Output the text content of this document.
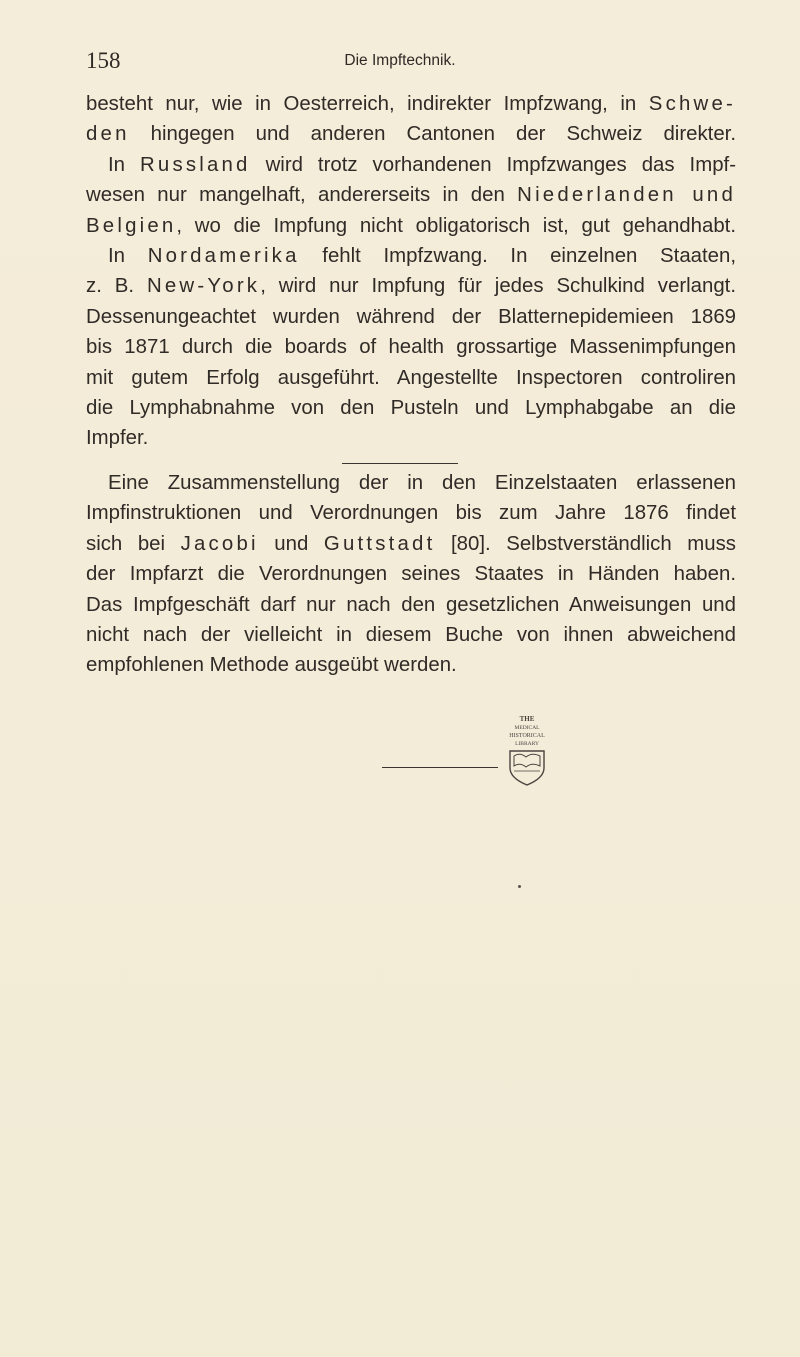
158	Die Impftechnik.
besteht nur, wie in Oesterreich, indirekter Impfzwang, in Schwe-
den hingegen und anderen Cantonen der Schweiz direkter.
In Russland wird trotz vorhandenen Impfzwanges das Impf-
wesen nur mangelhaft, andererseits in den Niederlanden und
Belgien, wo die Impfung nicht obligatorisch ist, gut gehandhabt.
In Nordamerika fehlt Impfzwang. In einzelnen Staaten,
z. B. New-York, wird nur Impfung für jedes Schulkind verlangt.
Dessenungeachtet wurden während der Blatternepidemieen 1869
bis 1871 durch die boards of health grossartige Massenimpfungen
mit gutem Erfolg ausgeführt. Angestellte Inspectoren controliren
die Lymphabnahme von den Pusteln und Lymphabgabe an die
Impfer.
Eine Zusammenstellung der in den Einzelstaaten erlassenen
Impfinstruktionen und Verordnungen bis zum Jahre 1876 findet
sich bei Jacobi und Guttstadt [80]. Selbstverständlich muss
der Impfarzt die Verordnungen seines Staates in Händen haben.
Das Impfgeschäft darf nur nach den gesetzlichen Anweisungen und
nicht nach der vielleicht in diesem Buche von ihnen abweichend
empfohlenen Methode ausgeübt werden.
THE
MEDICAL
HISTORICAL
LIBRARY
